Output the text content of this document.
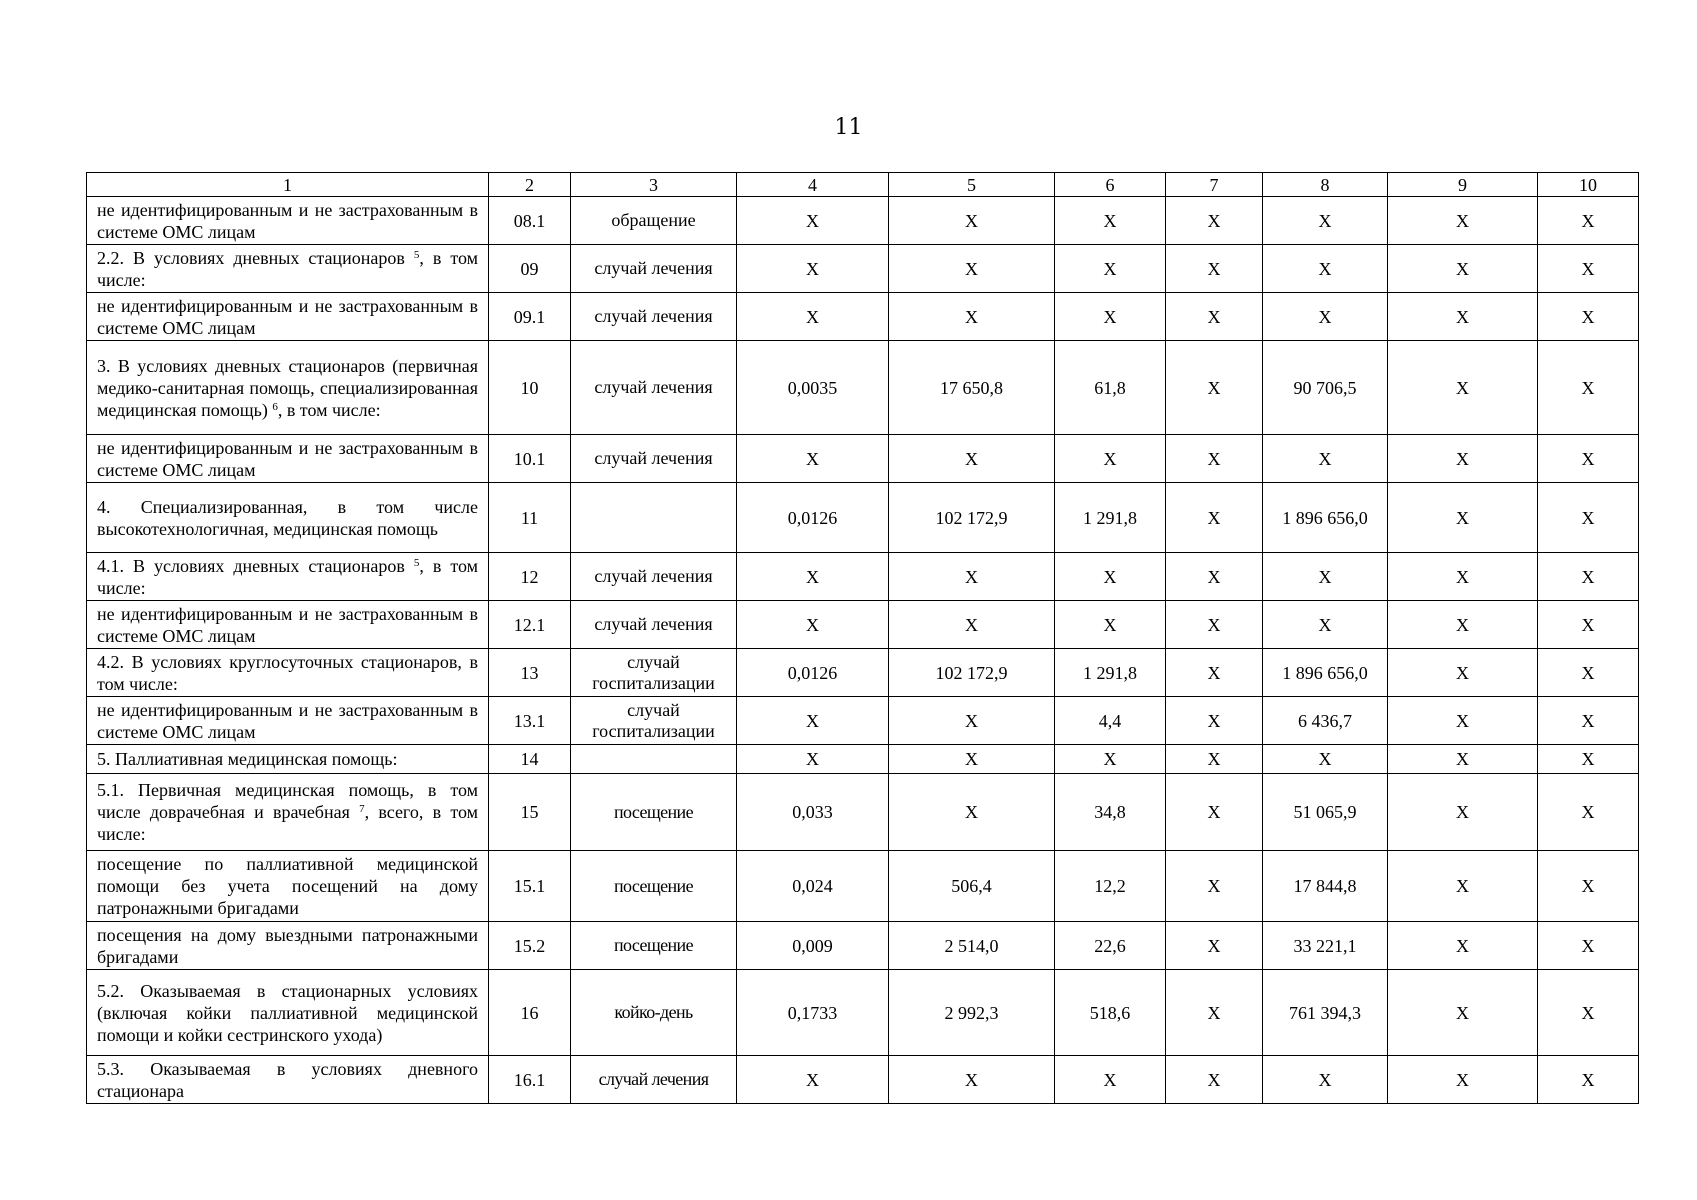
11
1	2	3	4	5	6	7	8	9	10
не идентифицированным и не застрахованным в системе ОМС лицам	08.1	обращение	X	X	X	X	X	X	X
2.2. В условиях дневных стационаров $^5$, в том числе:	09	случай лечения	X	X	X	X	X	X	X
не идентифицированным и не застрахованным в системе ОМС лицам	09.1	случай лечения	X	X	X	X	X	X	X
3. В условиях дневных стационаров (первичная медико-санитарная помощь, специализированная медицинская помощь) $^6$, в том числе:	10	случай лечения	0,0035	17 650,8	61,8	X	90 706,5	X	X
не идентифицированным и не застрахованным в системе ОМС лицам	10.1	случай лечения	X	X	X	X	X	X	X
4. Специализированная, в том числе высокотехнологичная, медицинская помощь	11		0,0126	102 172,9	1 291,8	X	1 896 656,0	X	X
4.1. В условиях дневных стационаров $^5$, в том числе:	12	случай лечения	X	X	X	X	X	X	X
не идентифицированным и не застрахованным в системе ОМС лицам	12.1	случай лечения	X	X	X	X	X	X	X
4.2. В условиях круглосуточных стационаров, в том числе:	13	случай госпитализации	0,0126	102 172,9	1 291,8	X	1 896 656,0	X	X
не идентифицированным и не застрахованным в системе ОМС лицам	13.1	случай госпитализации	X	X	4,4	X	6 436,7	X	X
5. Паллиативная медицинская помощь:	14		X	X	X	X	X	X	X
5.1. Первичная медицинская помощь, в том числе доврачебная и врачебная $^7$, всего, в том числе:	15	посещение	0,033	X	34,8	X	51 065,9	X	X
посещение по паллиативной медицинской помощи без учета посещений на дому патронажными бригадами	15.1	посещение	0,024	506,4	12,2	X	17 844,8	X	X
посещения на дому выездными патронажными бригадами	15.2	посещение	0,009	2 514,0	22,6	X	33 221,1	X	X
5.2. Оказываемая в стационарных условиях (включая койки паллиативной медицинской помощи и койки сестринского ухода)	16	койко-день	0,1733	2 992,3	518,6	X	761 394,3	X	X
5.3. Оказываемая в условиях дневного стационара	16.1	случай лечения	X	X	X	X	X	X	X
